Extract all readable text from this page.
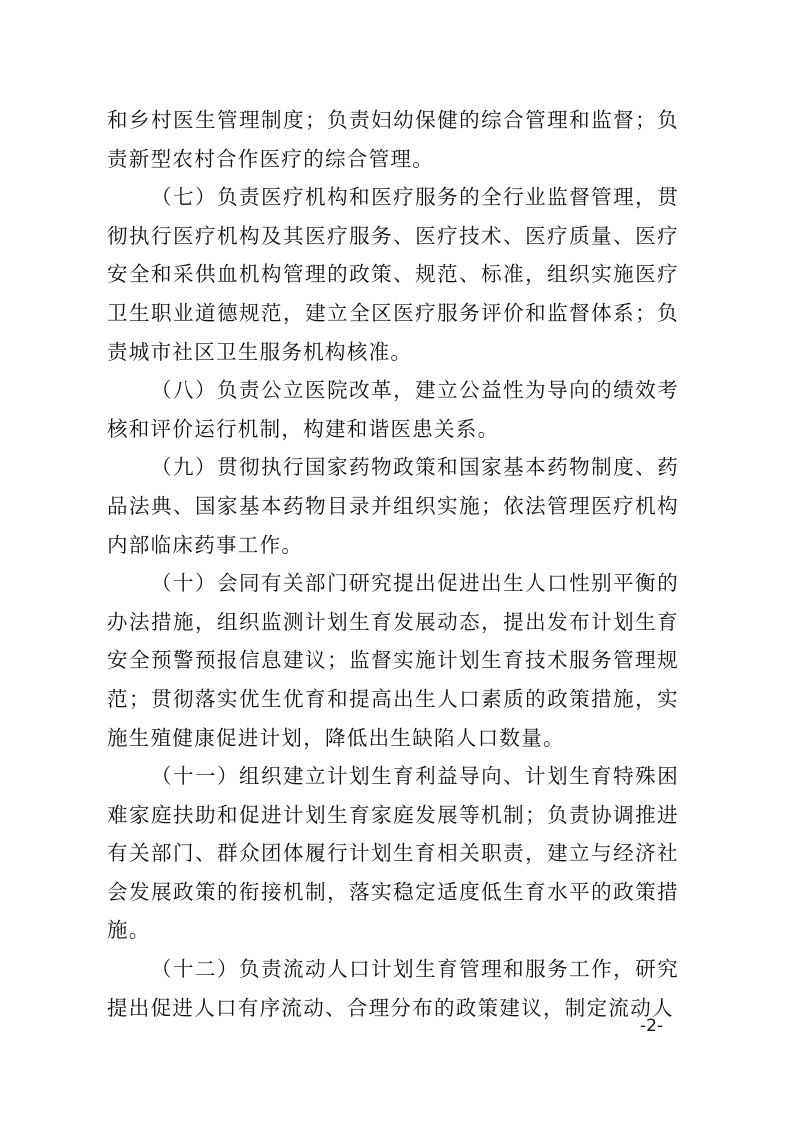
和乡村医生管理制度；负责妇幼保健的综合管理和监督；负责新型农村合作医疗的综合管理。

（七）负责医疗机构和医疗服务的全行业监督管理，贯彻执行医疗机构及其医疗服务、医疗技术、医疗质量、医疗安全和采供血机构管理的政策、规范、标准，组织实施医疗卫生职业道德规范，建立全区医疗服务评价和监督体系；负责城市社区卫生服务机构核准。

（八）负责公立医院改革，建立公益性为导向的绩效考核和评价运行机制，构建和谐医患关系。

（九）贯彻执行国家药物政策和国家基本药物制度、药品法典、国家基本药物目录并组织实施；依法管理医疗机构内部临床药事工作。

（十）会同有关部门研究提出促进出生人口性别平衡的办法措施，组织监测计划生育发展动态，提出发布计划生育安全预警预报信息建议；监督实施计划生育技术服务管理规范；贯彻落实优生优育和提高出生人口素质的政策措施，实施生殖健康促进计划，降低出生缺陷人口数量。

（十一）组织建立计划生育利益导向、计划生育特殊困难家庭扶助和促进计划生育家庭发展等机制；负责协调推进有关部门、群众团体履行计划生育相关职责，建立与经济社会发展政策的衔接机制，落实稳定适度低生育水平的政策措施。

（十二）负责流动人口计划生育管理和服务工作，研究提出促进人口有序流动、合理分布的政策建议，制定流动人

-2-
